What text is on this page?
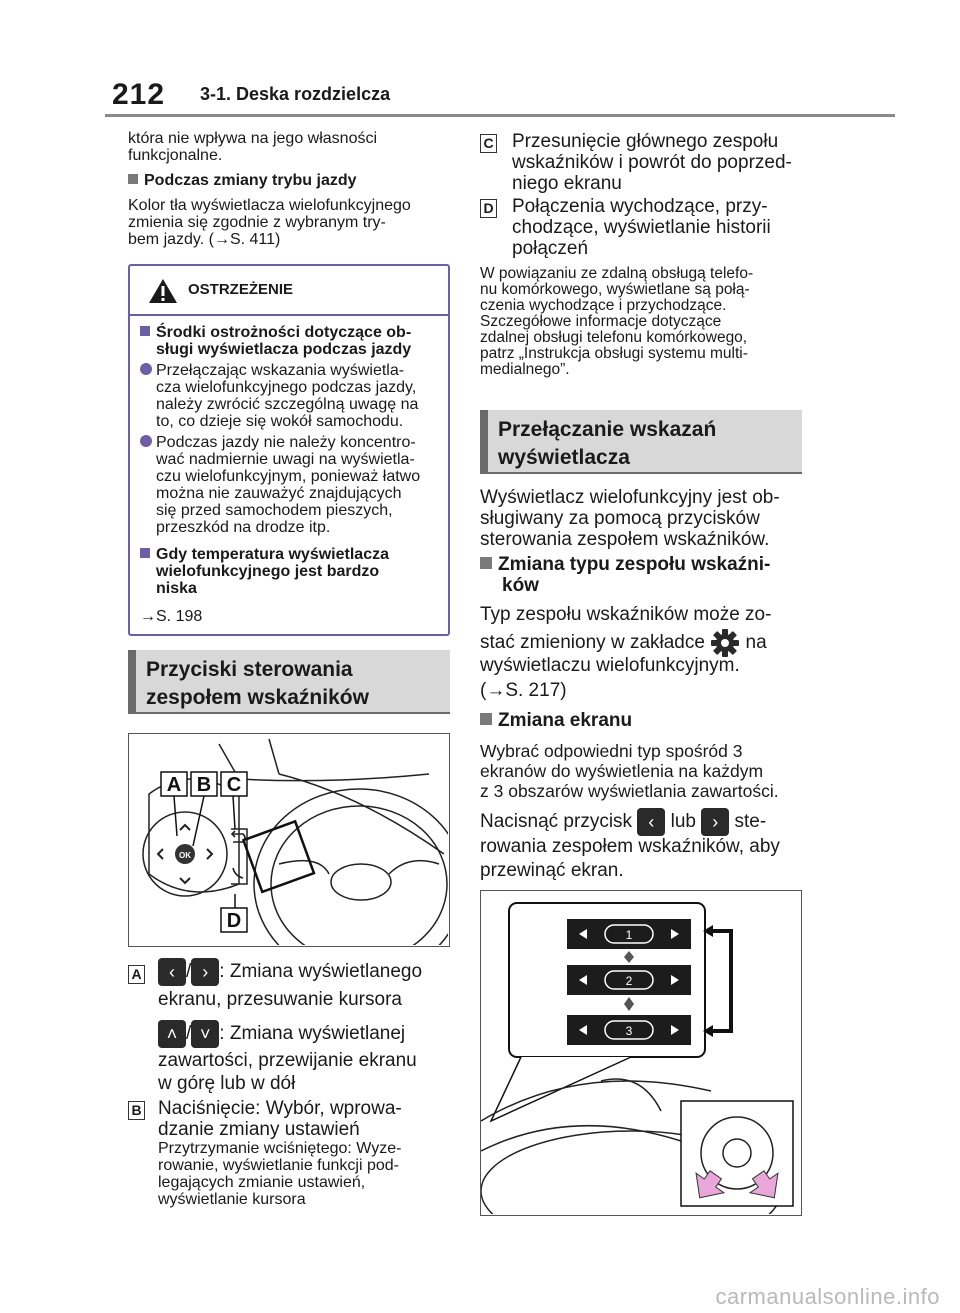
212 3-1. Deska rozdzielcza
która nie wpływa na jego własności
funkcjonalne.
Podczas zmiany trybu jazdy
Kolor tła wyświetlacza wielofunkcyjnego
zmienia się zgodnie z wybranym try-
bem jazdy. (→S. 411)
OSTRZEŻENIE
Środki ostrożności dotyczące ob-
sługi wyświetlacza podczas jazdy
Przełączając wskazania wyświetla-
cza wielofunkcyjnego podczas jazdy,
należy zwrócić szczególną uwagę na
to, co dzieje się wokół samochodu.
Podczas jazdy nie należy koncentro-
wać nadmiernie uwagi na wyświetla-
czu wielofunkcyjnym, ponieważ łatwo
można nie zauważyć znajdujących
się przed samochodem pieszych,
przeszkód na drodze itp.
Gdy temperatura wyświetlacza
wielofunkcyjnego jest bardzo
niska
→S. 198
Przyciski sterowania
zespołem wskaźników
OK
A B C
D
A	‹ / › : Zmiana wyświetlanego
ekranu, przesuwanie kursora
˄ / ˅ : Zmiana wyświetlanej
zawartości, przewijanie ekranu
w górę lub w dół
B Naciśnięcie: Wybór, wprowa-
dzanie zmiany ustawień
Przytrzymanie wciśniętego: Wyze-
rowanie, wyświetlanie funkcji pod-
legających zmianie ustawień,
wyświetlanie kursora
C Przesunięcie głównego zespołu
wskaźników i powrót do poprzed-
niego ekranu
D Połączenia wychodzące, przy-
chodzące, wyświetlanie historii
połączeń
W powiązaniu ze zdalną obsługą telefo-
nu komórkowego, wyświetlane są połą-
czenia wychodzące i przychodzące.
Szczegółowe informacje dotyczące
zdalnej obsługi telefonu komórkowego,
patrz „Instrukcja obsługi systemu multi-
medialnego”.
Przełączanie wskazań
wyświetlacza
Wyświetlacz wielofunkcyjny jest ob-
sługiwany za pomocą przycisków
sterowania zespołem wskaźników.
Zmiana typu zespołu wskaźni-
ków
Typ zespołu wskaźników może zo-
stać zmieniony w zakładce na
wyświetlaczu wielofunkcyjnym.
(→S. 217)
Zmiana ekranu
Wybrać odpowiedni typ spośród 3
ekranów do wyświetlenia na każdym
z 3 obszarów wyświetlania zawartości.
Nacisnąć przycisk ‹ lub › ste-
rowania zespołem wskaźników, aby
przewinąć ekran.
1
2
3
carmanualsonline.info
